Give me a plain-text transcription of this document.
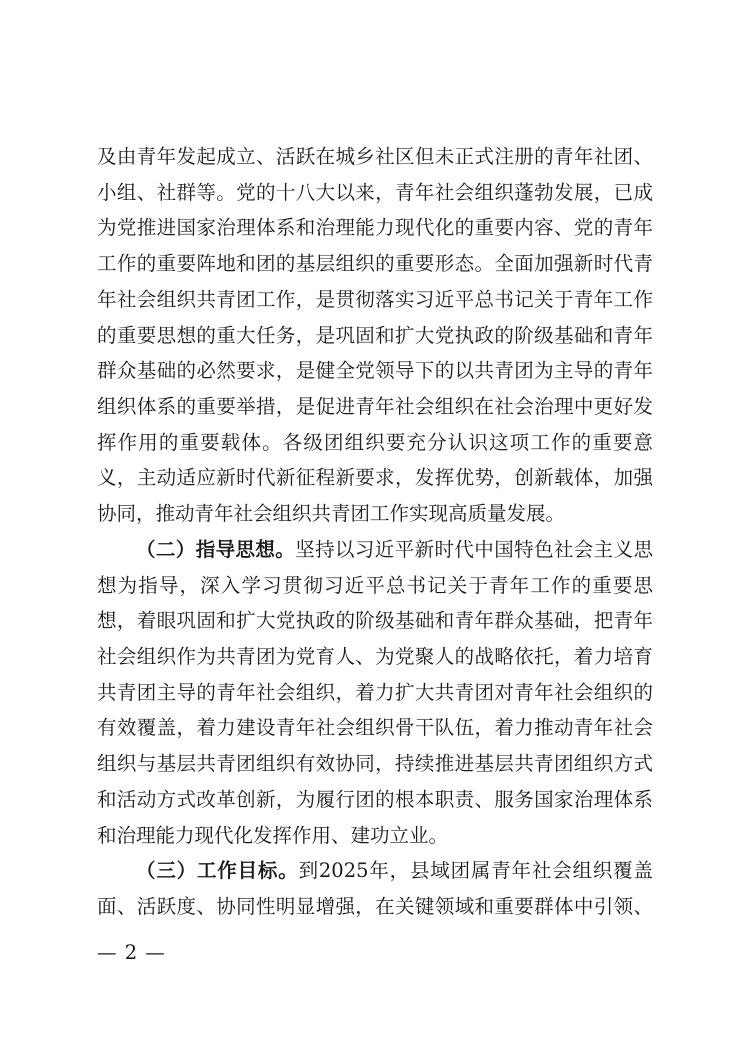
及由青年发起成立、活跃在城乡社区但未正式注册的青年社团、
小组、社群等。党的十八大以来，青年社会组织蓬勃发展，已成
为党推进国家治理体系和治理能力现代化的重要内容、党的青年
工作的重要阵地和团的基层组织的重要形态。全面加强新时代青
年社会组织共青团工作，是贯彻落实习近平总书记关于青年工作
的重要思想的重大任务，是巩固和扩大党执政的阶级基础和青年
群众基础的必然要求，是健全党领导下的以共青团为主导的青年
组织体系的重要举措，是促进青年社会组织在社会治理中更好发
挥作用的重要载体。各级团组织要充分认识这项工作的重要意
义，主动适应新时代新征程新要求，发挥优势，创新载体，加强
协同，推动青年社会组织共青团工作实现高质量发展。
（二）指导思想。坚持以习近平新时代中国特色社会主义思
想为指导，深入学习贯彻习近平总书记关于青年工作的重要思
想，着眼巩固和扩大党执政的阶级基础和青年群众基础，把青年
社会组织作为共青团为党育人、为党聚人的战略依托，着力培育
共青团主导的青年社会组织，着力扩大共青团对青年社会组织的
有效覆盖，着力建设青年社会组织骨干队伍，着力推动青年社会
组织与基层共青团组织有效协同，持续推进基层共青团组织方式
和活动方式改革创新，为履行团的根本职责、服务国家治理体系
和治理能力现代化发挥作用、建功立业。
（三）工作目标。到2025年，县域团属青年社会组织覆盖
面、活跃度、协同性明显增强，在关键领域和重要群体中引领、
— 2 —
